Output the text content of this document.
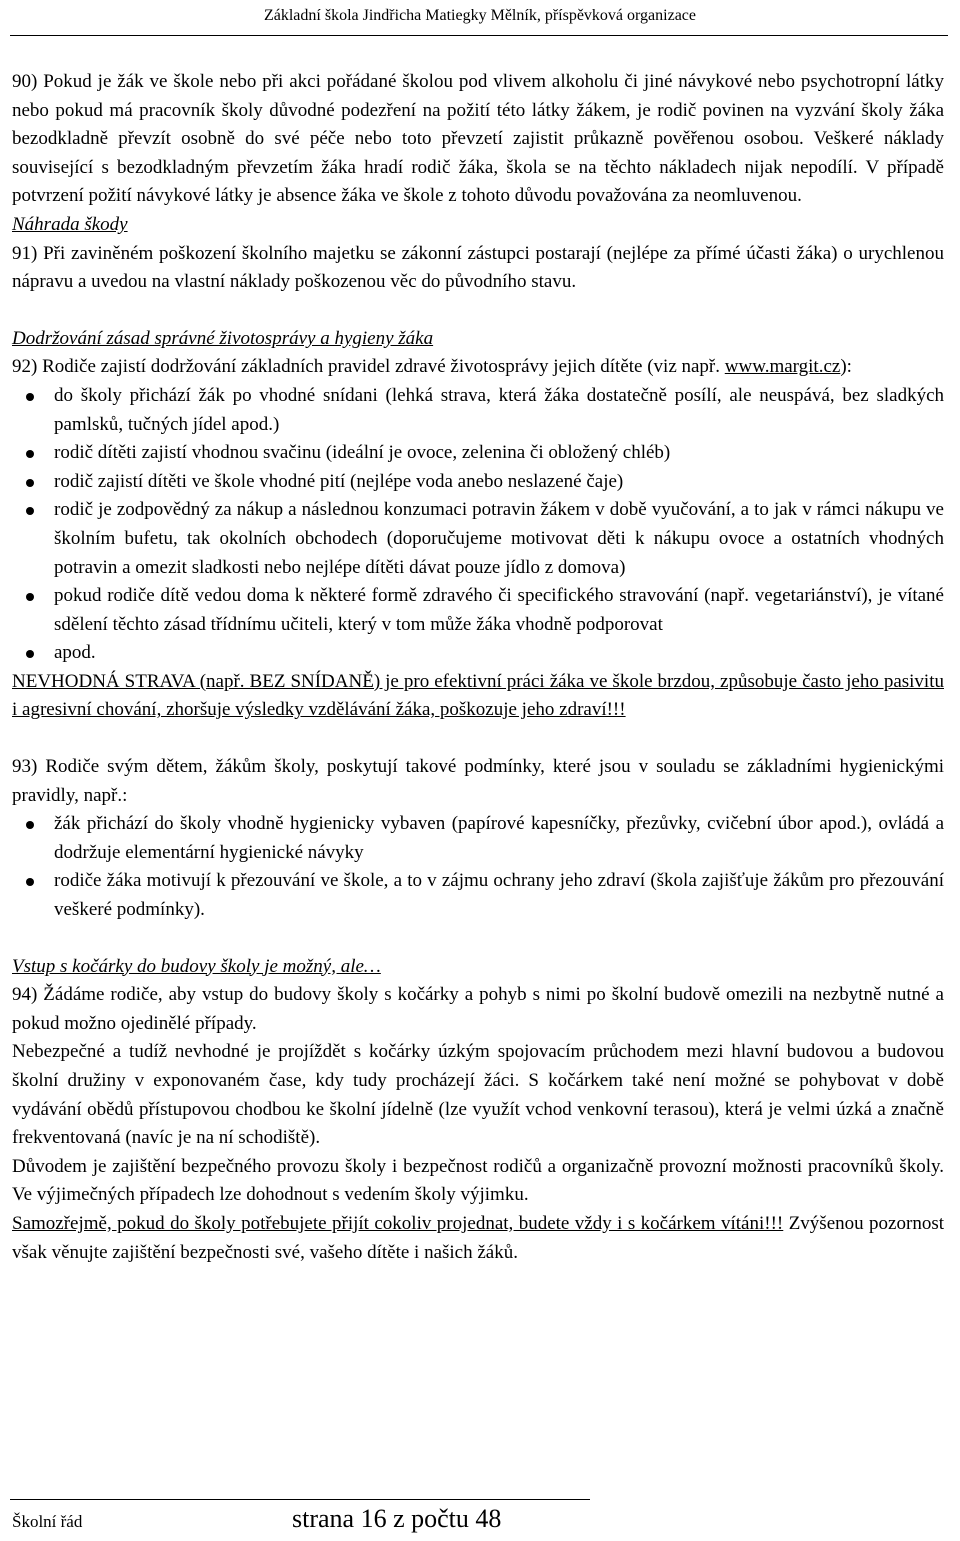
Základní škola Jindřicha Matiegky Mělník, příspěvková organizace

90) Pokud je žák ve škole nebo při akci pořádané školou pod vlivem alkoholu či jiné návykové nebo psychotropní látky nebo pokud má pracovník školy důvodné podezření na požití této látky žákem, je rodič povinen na vyzvání školy žáka bezodkladně převzít osobně do své péče nebo toto převzetí zajistit průkazně pověřenou osobou. Veškeré náklady související s bezodkladným převzetím žáka hradí rodič žáka, škola se na těchto nákladech nijak nepodílí. V případě potvrzení požití návykové látky je absence žáka ve škole z tohoto důvodu považována za neomluvenou.

Náhrada škody

91) Při zaviněném poškození školního majetku se zákonní zástupci postarají (nejlépe za přímé účasti žáka) o urychlenou nápravu a uvedou na vlastní náklady poškozenou věc do původního stavu.

Dodržování zásad správné životosprávy a hygieny žáka

92) Rodiče zajistí dodržování základních pravidel zdravé životosprávy jejich dítěte (viz např. www.margit.cz):

do školy přichází žák po vhodné snídani (lehká strava, která žáka dostatečně posílí, ale neuspává, bez sladkých pamlsků, tučných jídel apod.)
rodič dítěti zajistí vhodnou svačinu (ideální je ovoce, zelenina či obložený chléb)
rodič zajistí dítěti ve škole vhodné pití (nejlépe voda anebo neslazené čaje)
rodič je zodpovědný za nákup a následnou konzumaci potravin žákem v době vyučování, a to jak v rámci nákupu ve školním bufetu, tak okolních obchodech (doporučujeme motivovat děti k nákupu ovoce a ostatních vhodných potravin a omezit sladkosti nebo nejlépe dítěti dávat pouze jídlo z domova)
pokud rodiče dítě vedou doma k některé formě zdravého či specifického stravování (např. vegetariánství), je vítané sdělení těchto zásad třídnímu učiteli, který v tom může žáka vhodně podporovat
apod.

NEVHODNÁ STRAVA (např. BEZ SNÍDANĚ) je pro efektivní práci žáka ve škole brzdou, způsobuje často jeho pasivitu i agresivní chování, zhoršuje výsledky vzdělávání žáka, poškozuje jeho zdraví!!!

93) Rodiče svým dětem, žákům školy, poskytují takové podmínky, které jsou v souladu se základními hygienickými pravidly, např.:

žák přichází do školy vhodně hygienicky vybaven (papírové kapesníčky, přezůvky, cvičební úbor apod.), ovládá a dodržuje elementární hygienické návyky
rodiče žáka motivují k přezouvání ve škole, a to v zájmu ochrany jeho zdraví (škola zajišťuje žákům pro přezouvání veškeré podmínky).

Vstup s kočárky do budovy školy je možný, ale…

94) Žádáme rodiče, aby vstup do budovy školy s kočárky a pohyb s nimi po školní budově omezili na nezbytně nutné a pokud možno ojedinělé případy.

Nebezpečné a tudíž nevhodné je projíždět s kočárky úzkým spojovacím průchodem mezi hlavní budovou a budovou školní družiny v exponovaném čase, kdy tudy procházejí žáci. S kočárkem také není možné se pohybovat v době vydávání obědů přístupovou chodbou ke školní jídelně (lze využít vchod venkovní terasou), která je velmi úzká a značně frekventovaná (navíc je na ní schodiště).

Důvodem je zajištění bezpečného provozu školy i bezpečnost rodičů a organizačně provozní možnosti pracovníků školy. Ve výjimečných případech lze dohodnout s vedením školy výjimku.

Samozřejmě, pokud do školy potřebujete přijít cokoliv projednat, budete vždy i s kočárkem vítáni!!! Zvýšenou pozornost však věnujte zajištění bezpečnosti své, vašeho dítěte i našich žáků.

Školní řád	strana 16 z počtu 48
